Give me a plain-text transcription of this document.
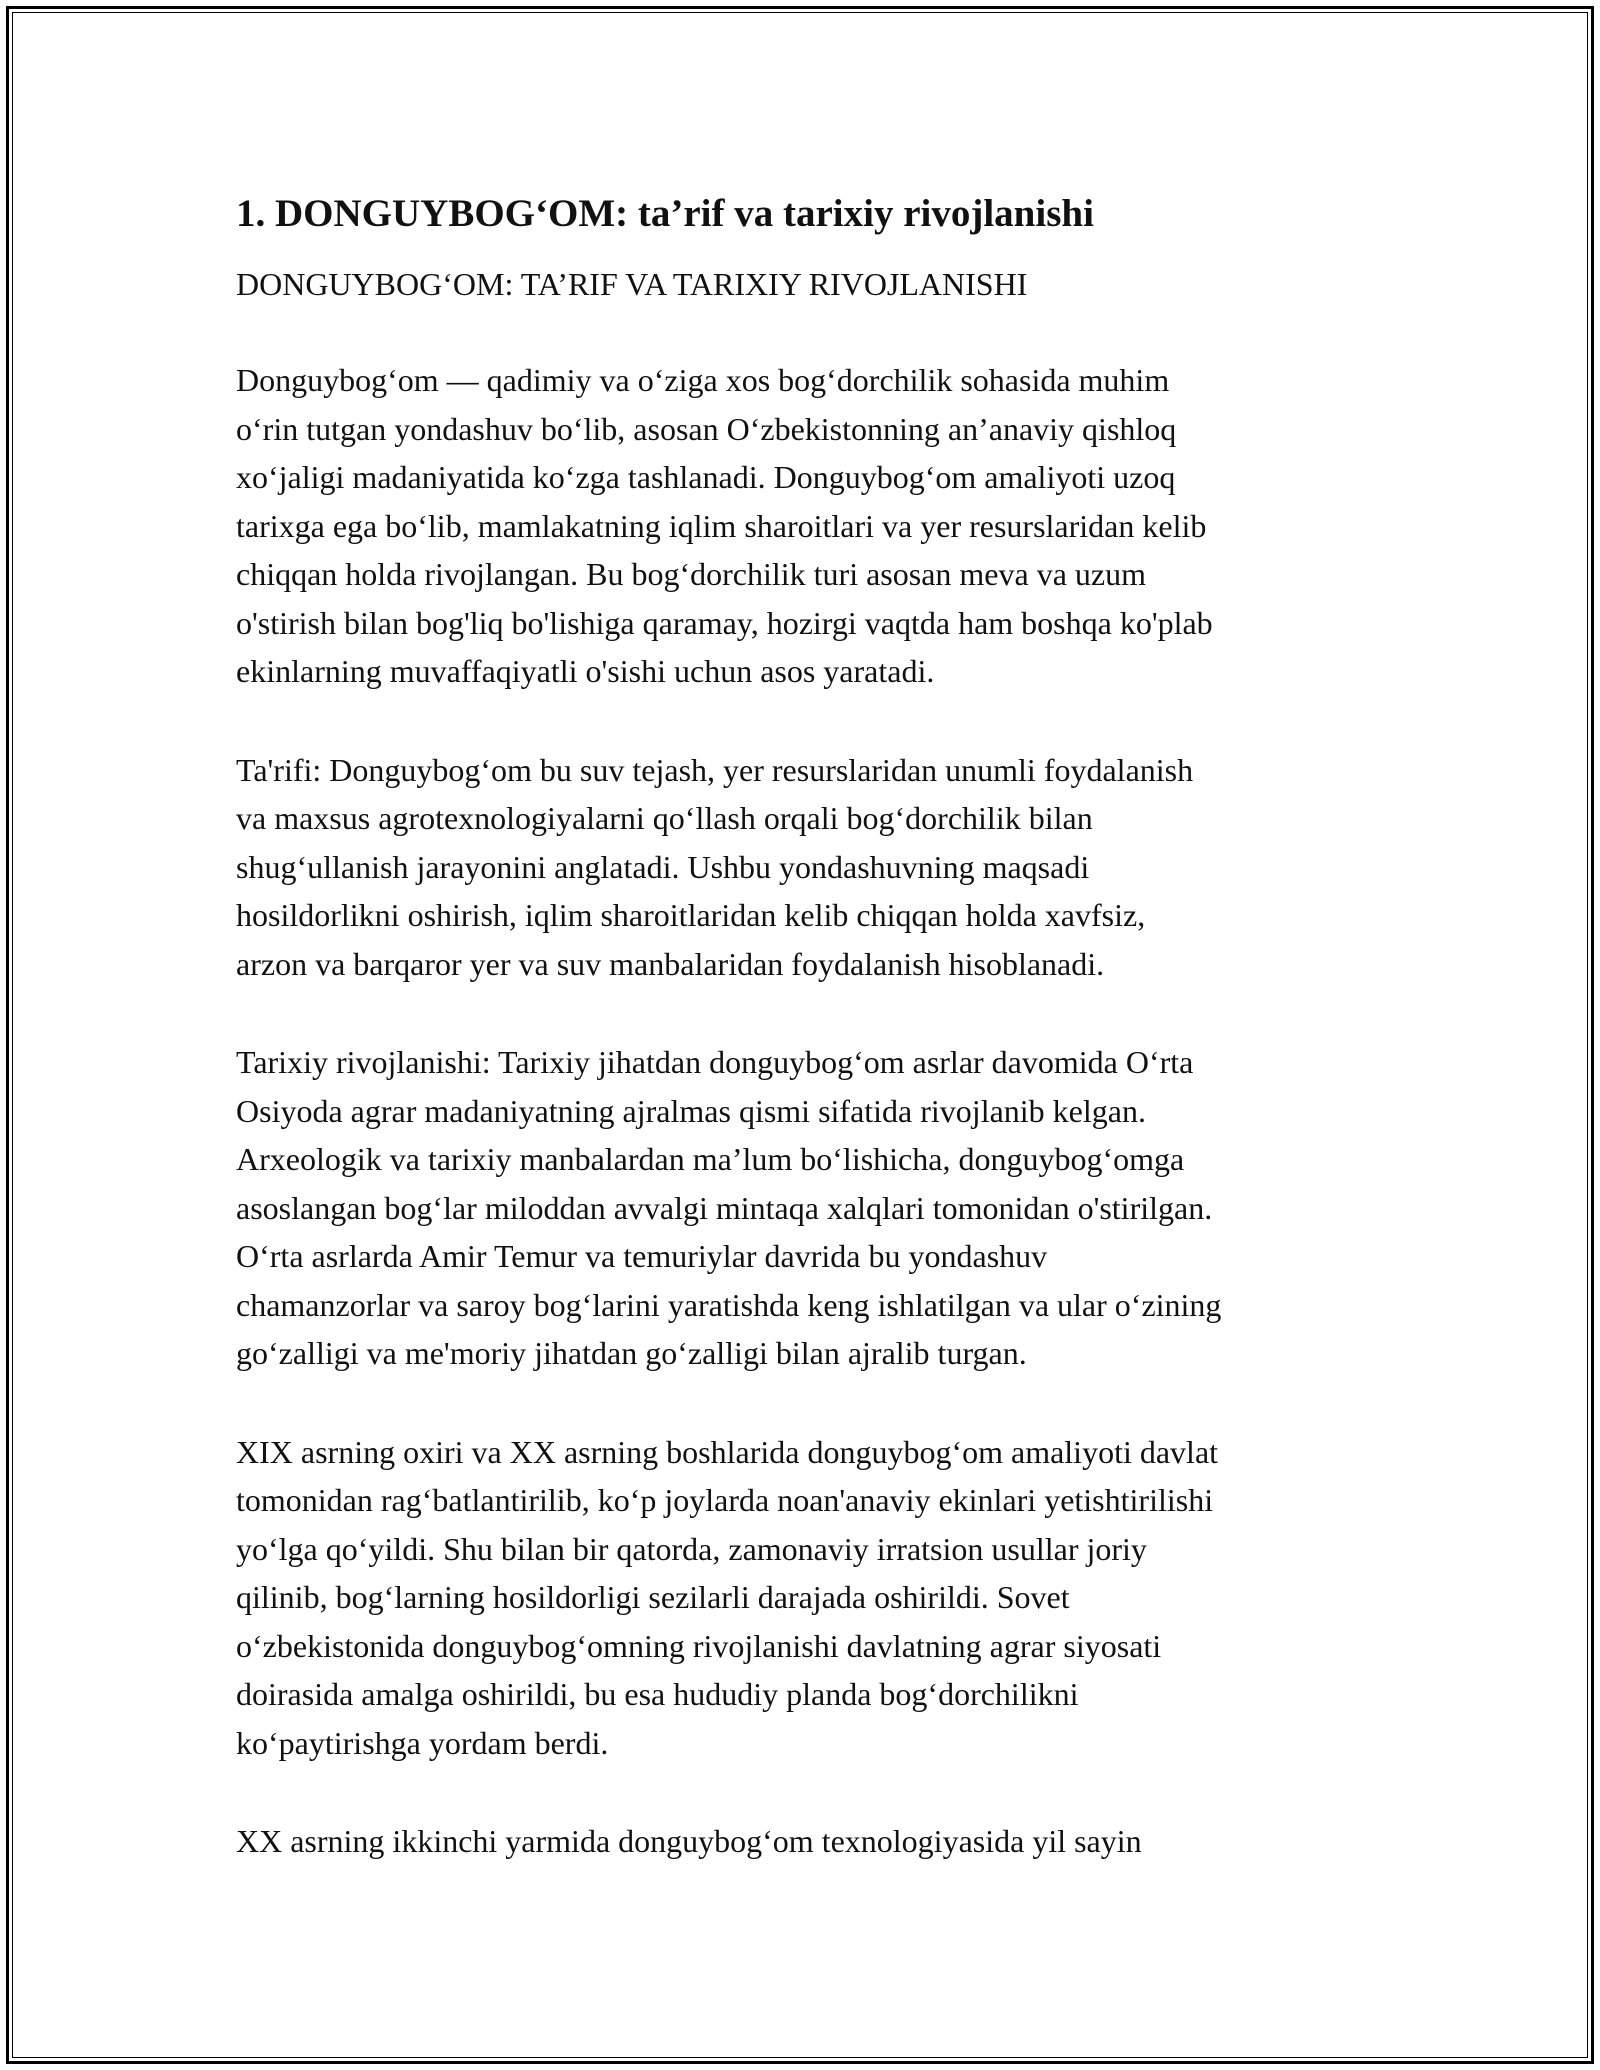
1. DONGUYBOG‘OM: ta’rif va tarixiy rivojlanishi
DONGUYBOG‘OM: TA’RIF VA TARIXIY RIVOJLANISHI

Donguybog‘om — qadimiy va o‘ziga xos bog‘dorchilik sohasida muhim
o‘rin tutgan yondashuv bo‘lib, asosan O‘zbekistonning an’anaviy qishloq
xo‘jaligi madaniyatida ko‘zga tashlanadi. Donguybog‘om amaliyoti uzoq
tarixga ega bo‘lib, mamlakatning iqlim sharoitlari va yer resurslaridan kelib
chiqqan holda rivojlangan. Bu bog‘dorchilik turi asosan meva va uzum
o'stirish bilan bog'liq bo'lishiga qaramay, hozirgi vaqtda ham boshqa ko'plab
ekinlarning muvaffaqiyatli o'sishi uchun asos yaratadi.

Ta'rifi: Donguybog‘om bu suv tejash, yer resurslaridan unumli foydalanish
va maxsus agrotexnologiyalarni qo‘llash orqali bog‘dorchilik bilan
shug‘ullanish jarayonini anglatadi. Ushbu yondashuvning maqsadi
hosildorlikni oshirish, iqlim sharoitlaridan kelib chiqqan holda xavfsiz,
arzon va barqaror yer va suv manbalaridan foydalanish hisoblanadi.

Tarixiy rivojlanishi: Tarixiy jihatdan donguybog‘om asrlar davomida O‘rta
Osiyoda agrar madaniyatning ajralmas qismi sifatida rivojlanib kelgan.
Arxeologik va tarixiy manbalardan ma’lum bo‘lishicha, donguybog‘omga
asoslangan bog‘lar miloddan avvalgi mintaqa xalqlari tomonidan o'stirilgan.
O‘rta asrlarda Amir Temur va temuriylar davrida bu yondashuv
chamanzorlar va saroy bog‘larini yaratishda keng ishlatilgan va ular o‘zining
go‘zalligi va me'moriy jihatdan go‘zalligi bilan ajralib turgan.

XIX asrning oxiri va XX asrning boshlarida donguybog‘om amaliyoti davlat
tomonidan rag‘batlantirilib, ko‘p joylarda noan'anaviy ekinlari yetishtirilishi
yo‘lga qo‘yildi. Shu bilan bir qatorda, zamonaviy irratsion usullar joriy
qilinib, bog‘larning hosildorligi sezilarli darajada oshirildi. Sovet
o‘zbekistonida donguybog‘omning rivojlanishi davlatning agrar siyosati
doirasida amalga oshirildi, bu esa hududiy planda bog‘dorchilikni
ko‘paytirishga yordam berdi.

XX asrning ikkinchi yarmida donguybog‘om texnologiyasida yil sayin
